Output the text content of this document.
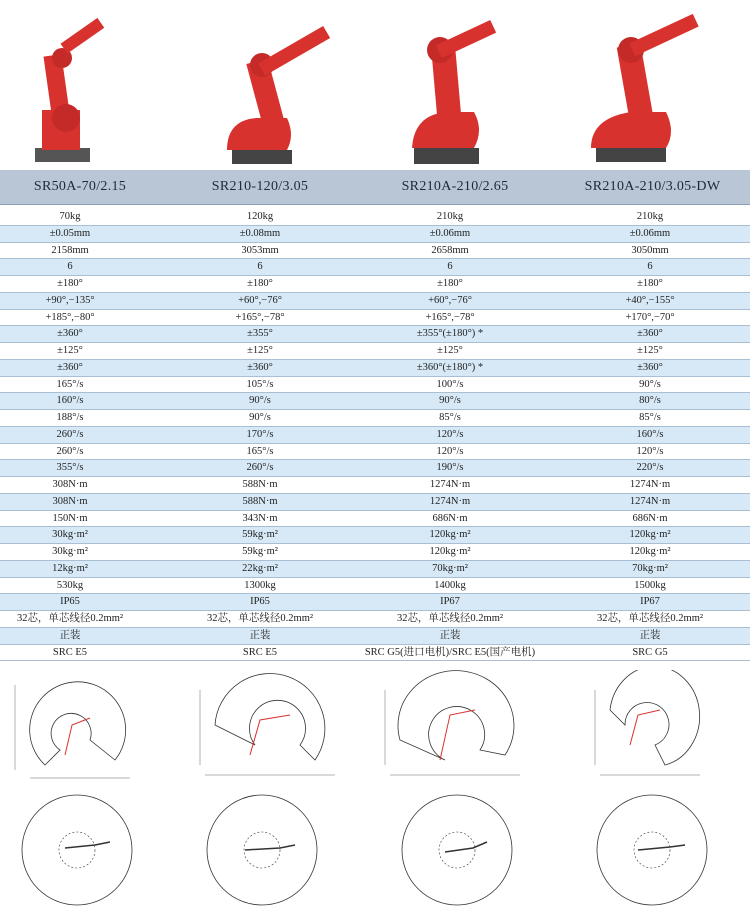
SR50A-70/2.15	SR210-120/3.05	SR210A-210/2.65	SR210A-210/3.05-DW
70kg	120kg	210kg	210kg
±0.05mm	±0.08mm	±0.06mm	±0.06mm
2158mm	3053mm	2658mm	3050mm
6	6	6	6
±180°	±180°	±180°	±180°
+90°,−135°	+60°,−76°	+60°,−76°	+40°,−155°
+185°,−80°	+165°,−78°	+165°,−78°	+170°,−70°
±360°	±355°	±355°(±180°) *	±360°
±125°	±125°	±125°	±125°
±360°	±360°	±360°(±180°) *	±360°
165°/s	105°/s	100°/s	90°/s
160°/s	90°/s	90°/s	80°/s
188°/s	90°/s	85°/s	85°/s
260°/s	170°/s	120°/s	160°/s
260°/s	165°/s	120°/s	120°/s
355°/s	260°/s	190°/s	220°/s
308N·m	588N·m	1274N·m	1274N·m
308N·m	588N·m	1274N·m	1274N·m
150N·m	343N·m	686N·m	686N·m
30kg·m²	59kg·m²	120kg·m²	120kg·m²
30kg·m²	59kg·m²	120kg·m²	120kg·m²
12kg·m²	22kg·m²	70kg·m²	70kg·m²
530kg	1300kg	1400kg	1500kg
IP65	IP65	IP67	IP67
32芯，单芯线径0.2mm²	32芯，单芯线径0.2mm²	32芯，单芯线径0.2mm²	32芯，单芯线径0.2mm²
正装	正装	正装	正装
SRC E5	SRC E5	SRC G5(进口电机)/SRC E5(国产电机)	SRC G5
